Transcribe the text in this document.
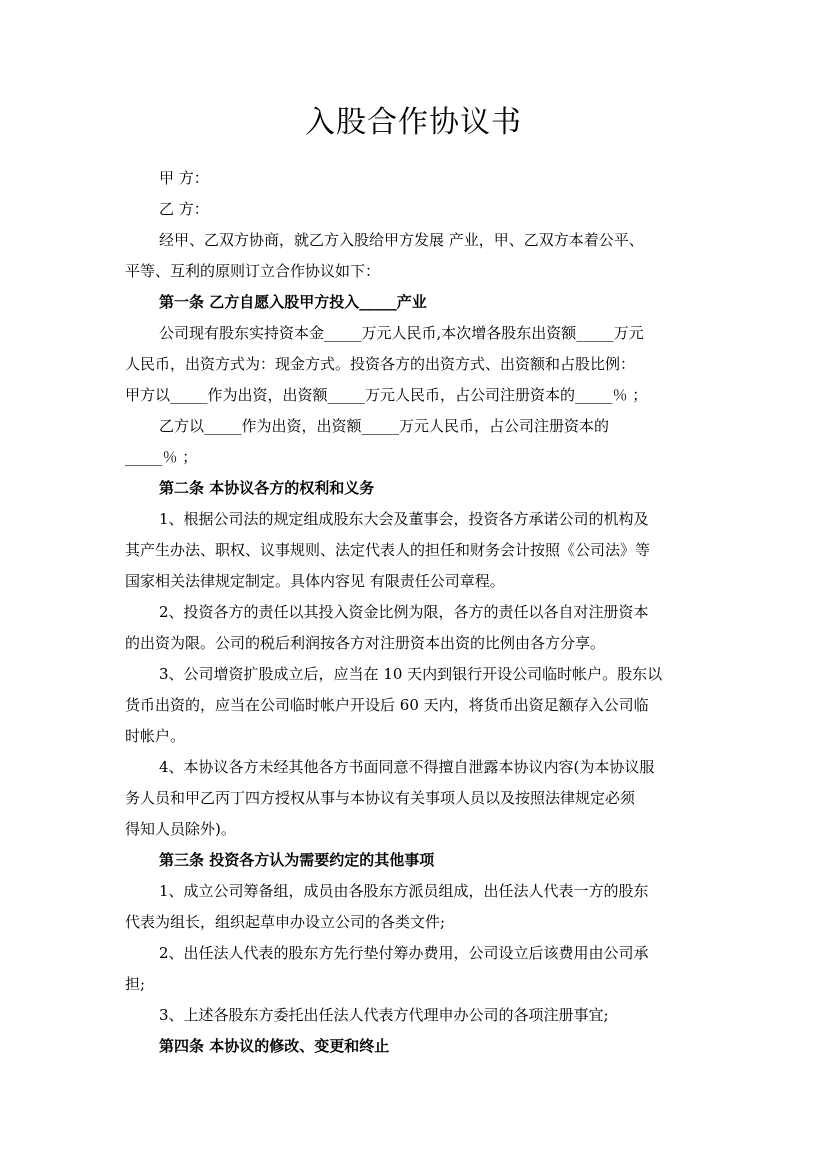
入股合作协议书
甲 方：
乙 方：
经甲、乙双方协商，就乙方入股给甲方发展 产业，甲、乙双方本着公平、
平等、互利的原则订立合作协议如下：
第一条 乙方自愿入股甲方投入_____产业
公司现有股东实持资本金_____万元人民币,本次增各股东出资额_____万元
人民币，出资方式为：现金方式。投资各方的出资方式、出资额和占股比例：
甲方以_____作为出资，出资额_____万元人民币，占公司注册资本的_____％ ；
乙方以_____作为出资，出资额_____万元人民币，占公司注册资本的
_____％ ；
第二条 本协议各方的权利和义务
1、根据公司法的规定组成股东大会及董事会，投资各方承诺公司的机构及
其产生办法、职权、议事规则、法定代表人的担任和财务会计按照《公司法》等
国家相关法律规定制定。具体内容见 有限责任公司章程。
2、投资各方的责任以其投入资金比例为限，各方的责任以各自对注册资本
的出资为限。公司的税后利润按各方对注册资本出资的比例由各方分享。
3、公司增资扩股成立后，应当在 10 天内到银行开设公司临时帐户。股东以
货币出资的，应当在公司临时帐户开设后 60 天内，将货币出资足额存入公司临
时帐户。
4、本协议各方未经其他各方书面同意不得擅自泄露本协议内容(为本协议服
务人员和甲乙丙丁四方授权从事与本协议有关事项人员以及按照法律规定必须
得知人员除外)。
第三条 投资各方认为需要约定的其他事项
1、成立公司筹备组，成员由各股东方派员组成，出任法人代表一方的股东
代表为组长，组织起草申办设立公司的各类文件;
2、出任法人代表的股东方先行垫付筹办费用，公司设立后该费用由公司承
担;
3、上述各股东方委托出任法人代表方代理申办公司的各项注册事宜;
第四条 本协议的修改、变更和终止
